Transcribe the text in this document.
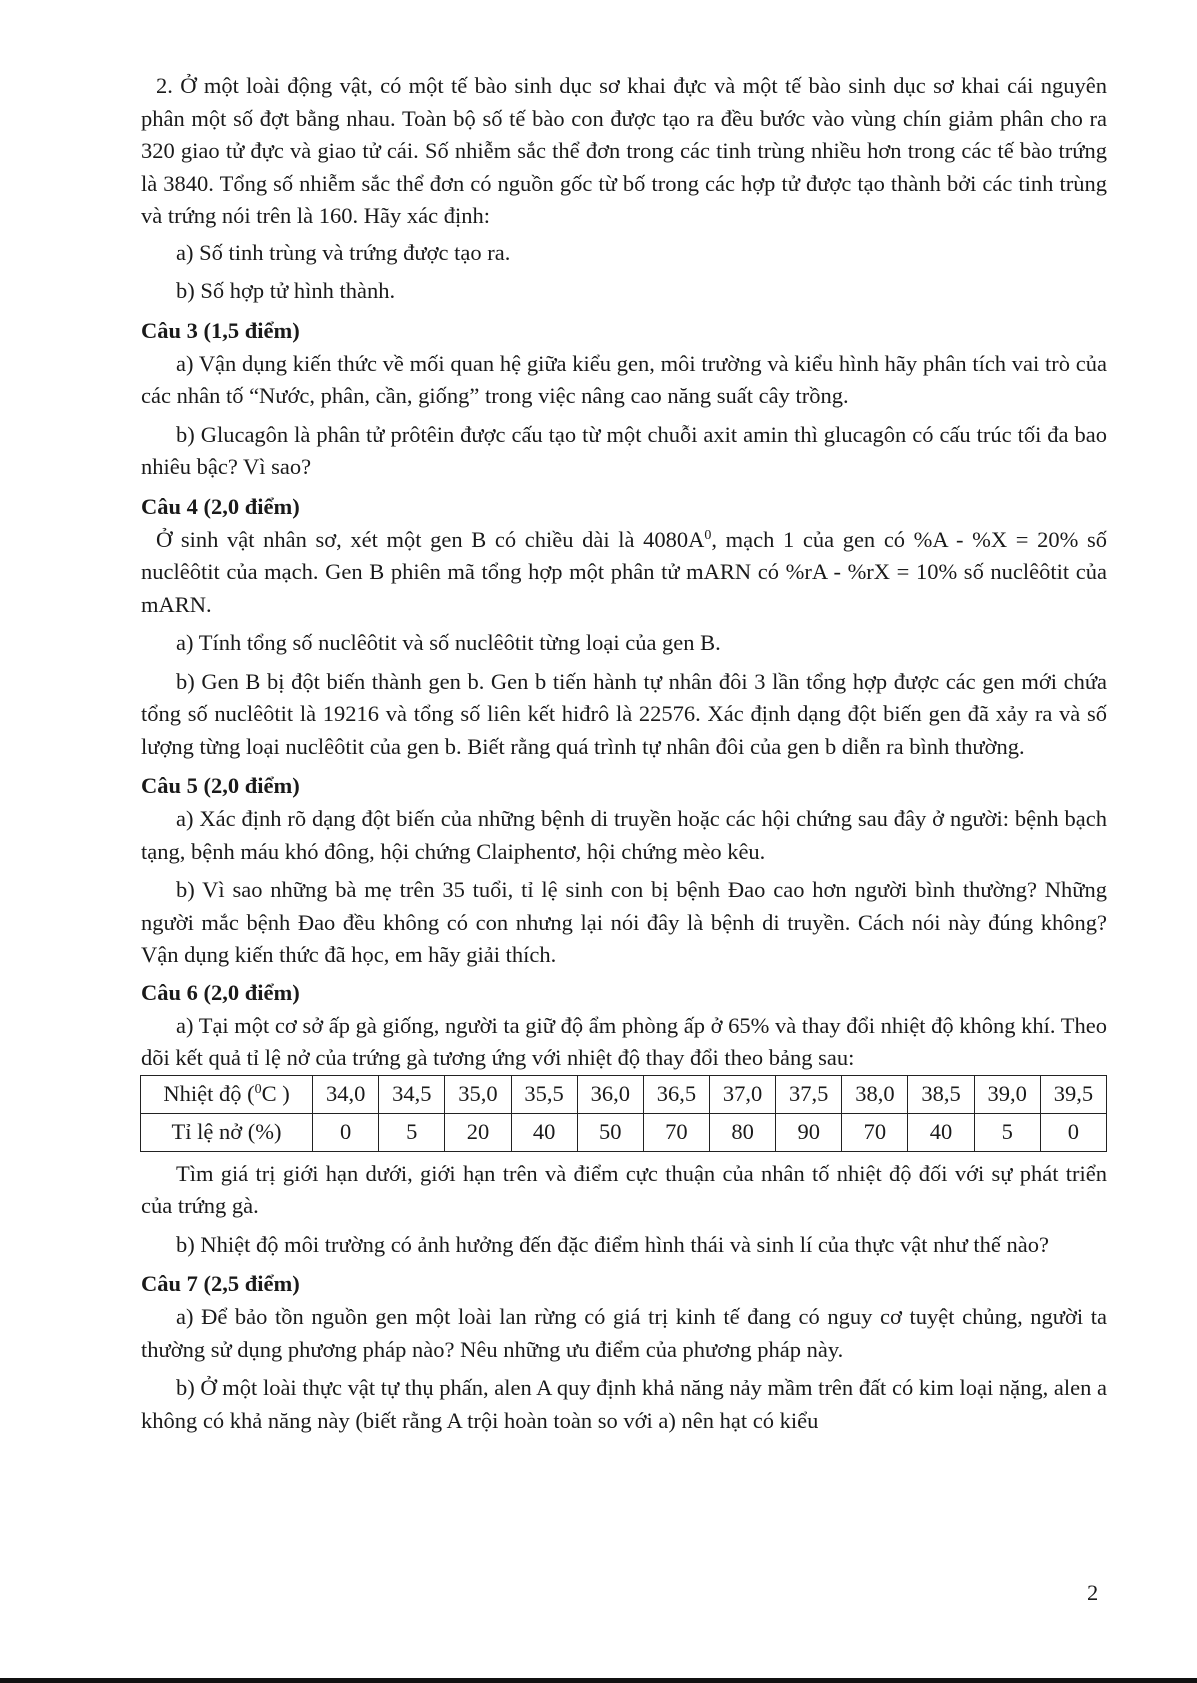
2. Ở một loài động vật, có một tế bào sinh dục sơ khai đực và một tế bào sinh dục sơ khai cái nguyên phân một số đợt bằng nhau. Toàn bộ số tế bào con được tạo ra đều bước vào vùng chín giảm phân cho ra 320 giao tử đực và giao tử cái. Số nhiễm sắc thể đơn trong các tinh trùng nhiều hơn trong các tế bào trứng là 3840. Tổng số nhiễm sắc thể đơn có nguồn gốc từ bố trong các hợp tử được tạo thành bởi các tinh trùng và trứng nói trên là 160. Hãy xác định:

a) Số tinh trùng và trứng được tạo ra.

b) Số hợp tử hình thành.

Câu 3 (1,5 điểm)

a) Vận dụng kiến thức về mối quan hệ giữa kiểu gen, môi trường và kiểu hình hãy phân tích vai trò của các nhân tố “Nước, phân, cần, giống” trong việc nâng cao năng suất cây trồng.

b) Glucagôn là phân tử prôtêin được cấu tạo từ một chuỗi axit amin thì glucagôn có cấu trúc tối đa bao nhiêu bậc? Vì sao?

Câu 4 (2,0 điểm)

Ở sinh vật nhân sơ, xét một gen B có chiều dài là $4080A^0$, mạch 1 của gen có %A - %X = 20% số nuclêôtit của mạch. Gen B phiên mã tổng hợp một phân tử mARN có %rA - %rX = 10% số nuclêôtit của mARN.

a) Tính tổng số nuclêôtit và số nuclêôtit từng loại của gen B.

b) Gen B bị đột biến thành gen b. Gen b tiến hành tự nhân đôi 3 lần tổng hợp được các gen mới chứa tổng số nuclêôtit là 19216 và tổng số liên kết hiđrô là 22576. Xác định dạng đột biến gen đã xảy ra và số lượng từng loại nuclêôtit của gen b. Biết rằng quá trình tự nhân đôi của gen b diễn ra bình thường.

Câu 5 (2,0 điểm)

a) Xác định rõ dạng đột biến của những bệnh di truyền hoặc các hội chứng sau đây ở người: bệnh bạch tạng, bệnh máu khó đông, hội chứng Claiphentơ, hội chứng mèo kêu.

b) Vì sao những bà mẹ trên 35 tuổi, tỉ lệ sinh con bị bệnh Đao cao hơn người bình thường? Những người mắc bệnh Đao đều không có con nhưng lại nói đây là bệnh di truyền. Cách nói này đúng không? Vận dụng kiến thức đã học, em hãy giải thích.

Câu 6 (2,0 điểm)

a) Tại một cơ sở ấp gà giống, người ta giữ độ ẩm phòng ấp ở 65% và thay đổi nhiệt độ không khí. Theo dõi kết quả tỉ lệ nở của trứng gà tương ứng với nhiệt độ thay đổi theo bảng sau:

Nhiệt độ ($^0$C )	34,0	34,5	35,0	35,5	36,0	36,5	37,0	37,5	38,0	38,5	39,0	39,5
Tỉ lệ nở (%)	0	5	20	40	50	70	80	90	70	40	5	0

Tìm giá trị giới hạn dưới, giới hạn trên và điểm cực thuận của nhân tố nhiệt độ đối với sự phát triển của trứng gà.

b) Nhiệt độ môi trường có ảnh hưởng đến đặc điểm hình thái và sinh lí của thực vật như thế nào?

Câu 7 (2,5 điểm)

a) Để bảo tồn nguồn gen một loài lan rừng có giá trị kinh tế đang có nguy cơ tuyệt chủng, người ta thường sử dụng phương pháp nào? Nêu những ưu điểm của phương pháp này.

b) Ở một loài thực vật tự thụ phấn, alen A quy định khả năng nảy mầm trên đất có kim loại nặng, alen a không có khả năng này (biết rằng A trội hoàn toàn so với a) nên hạt có kiểu

2
